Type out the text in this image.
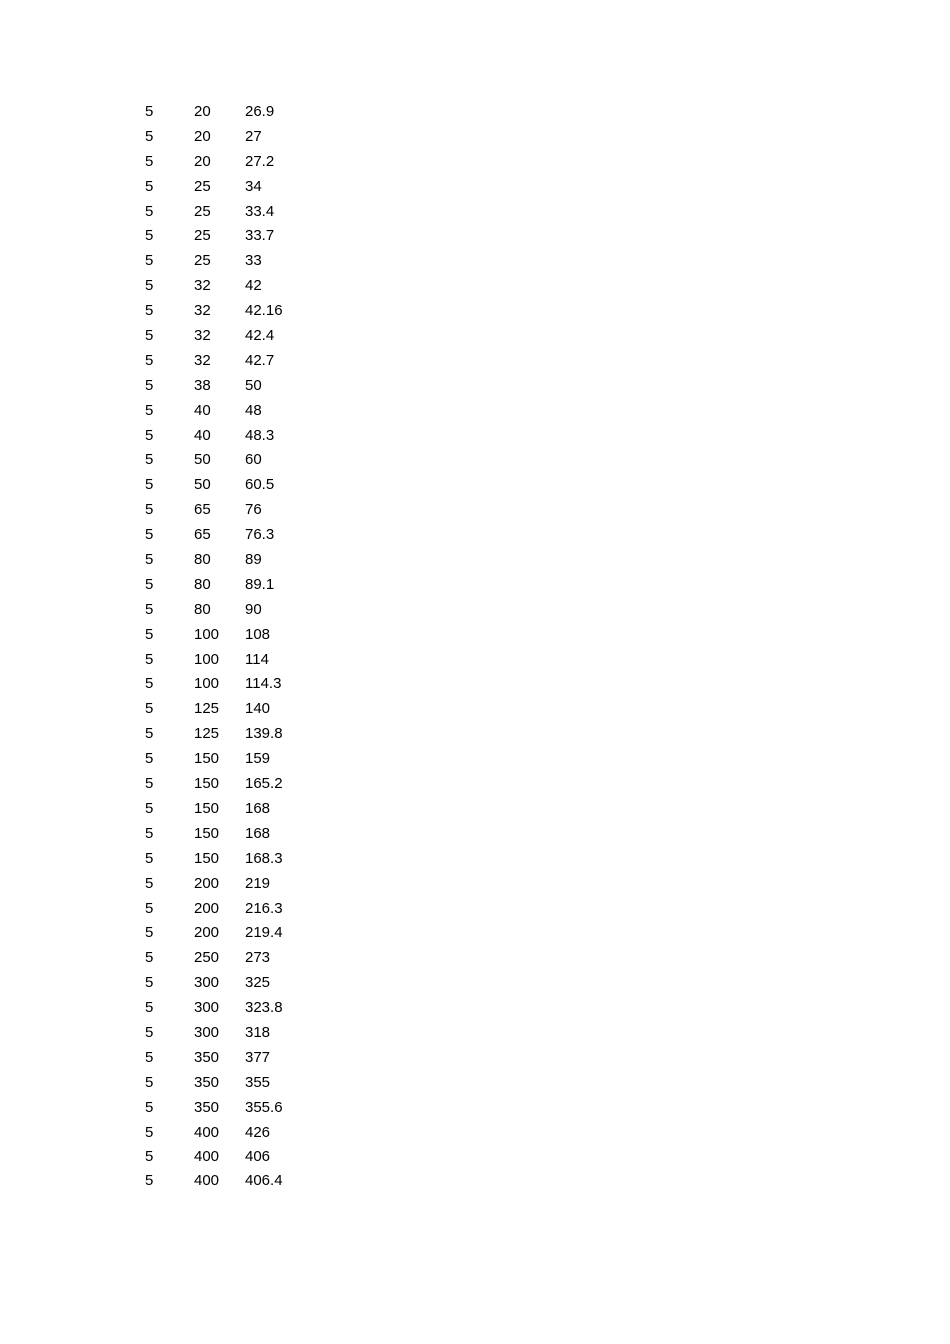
5	20 26.9
5	20 27
5	20 27.2
5	25 34
5	25 33.4
5	25 33.7
5	25 33
5	32 42
5	32 42.16
5	32 42.4
5	32 42.7
5	38 50
5	40 48
5	40 48.3
5	50 60
5	50 60.5
5	65 76
5	65 76.3
5	80 89
5	80 89.1
5	80 90
5	100 108
5	100 114
5	100 114.3
5	125 140
5	125 139.8
5	150 159
5	150 165.2
5	150 168
5	150 168
5	150 168.3
5	200 219
5	200 216.3
5	200 219.4
5	250 273
5	300 325
5	300 323.8
5	300 318
5	350 377
5	350 355
5	350 355.6
5	400 426
5	400 406
5	400 406.4
